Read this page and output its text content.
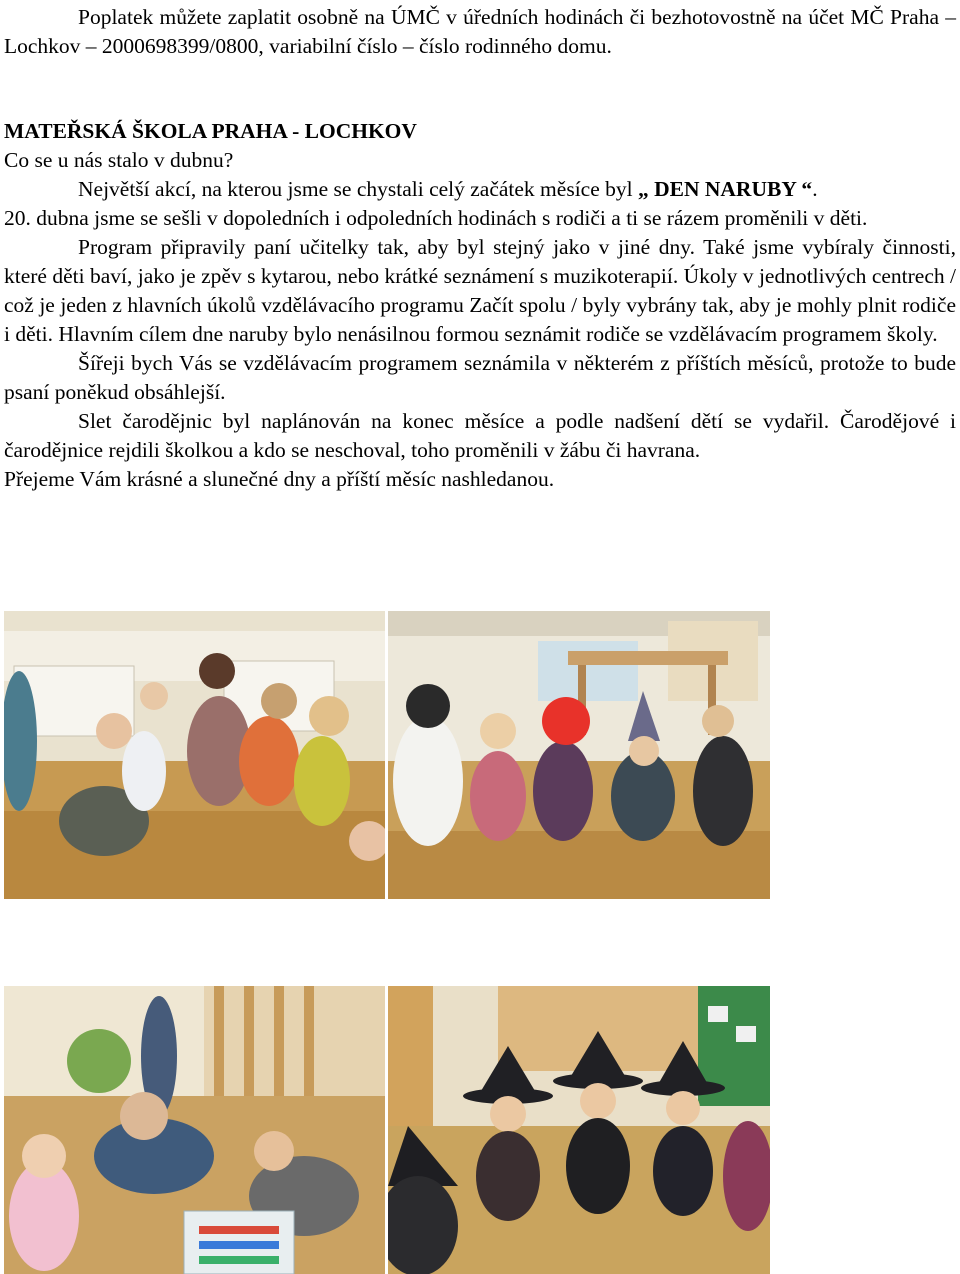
Poplatek můžete zaplatit osobně na ÚMČ v úředních hodinách či bezhotovostně na účet MČ Praha – Lochkov – 2000698399/0800, variabilní číslo – číslo rodinného domu.

MATEŘSKÁ ŠKOLA PRAHA - LOCHKOV

Co se u nás stalo v dubnu?

Největší akcí, na kterou jsme se chystali celý začátek měsíce byl „ DEN NARUBY “.

20. dubna jsme se sešli v dopoledních i odpoledních hodinách s rodiči a ti se rázem proměnili v děti.

Program připravily paní učitelky tak, aby byl stejný jako v jiné dny. Také jsme vybíraly činnosti, které děti baví, jako je zpěv s kytarou, nebo krátké seznámení s muzikoterapií. Úkoly v jednotlivých centrech / což je jeden z hlavních úkolů vzdělávacího programu Začít spolu / byly vybrány tak, aby je mohly plnit rodiče i děti. Hlavním cílem dne naruby bylo nenásilnou formou seznámit rodiče se vzdělávacím programem školy.

Šířeji bych Vás se vzdělávacím programem seznámila v některém z příštích měsíců, protože to bude psaní poněkud obsáhlejší.

Slet čarodějnic byl naplánován na konec měsíce a podle nadšení dětí se vydařil. Čarodějové i čarodějnice rejdili školkou a kdo se neschoval, toho proměnili v žábu či havrana.

Přejeme Vám krásné a slunečné dny a příští měsíc nashledanou.
